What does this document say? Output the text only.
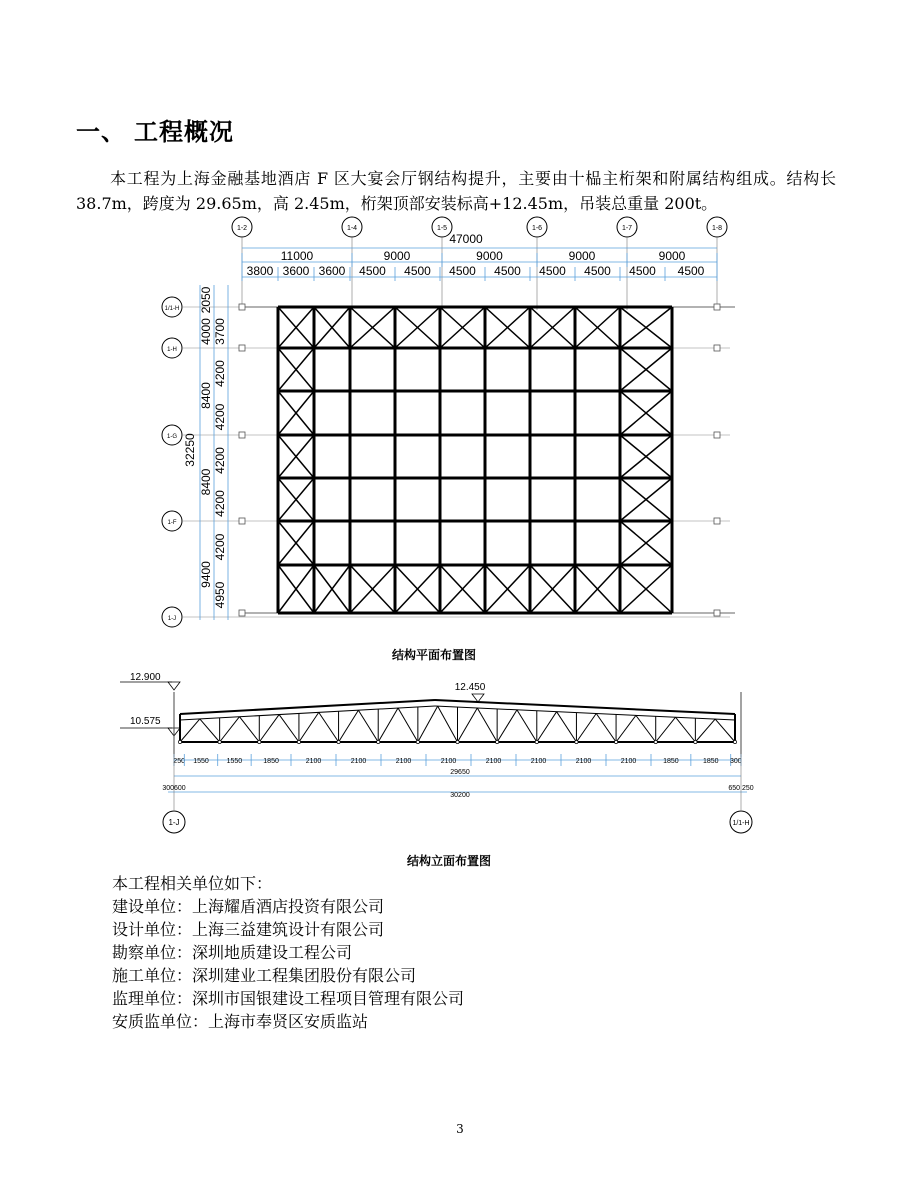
一、 工程概况
本工程为上海金融基地酒店 F 区大宴会厅钢结构提升，主要由十榀主桁架和附属结构组成。结构长 38.7m，跨度为 29.65m，高 2.45m，桁架顶部安装标高+12.45m，吊装总重量 200t。
1-2	1-4	1-5	1-6	1-7	1-8
47000
11000	9000	9000	9000	9000
3800 3600 3600 4500 4500 4500 4500 4500 4500 4500 4500
1/1-H
1-H
1-G
1-F
1-J
32250
2050
4000
8400
8400
9400
3700
4200
4200
4200
4200
4200
4950
结构平面布置图
12.900
10.575
12.450
250 1550	1550	1850	2100	2100	2100	2100	2100	2100	2100	2100	1850	1850 300
29650
300600
30200
650 250
1-J	1/1-H
结构立面布置图
本工程相关单位如下：
建设单位：上海耀盾酒店投资有限公司
设计单位：上海三益建筑设计有限公司
勘察单位：深圳地质建设工程公司
施工单位：深圳建业工程集团股份有限公司
监理单位：深圳市国银建设工程项目管理有限公司
安质监单位：上海市奉贤区安质监站
3
